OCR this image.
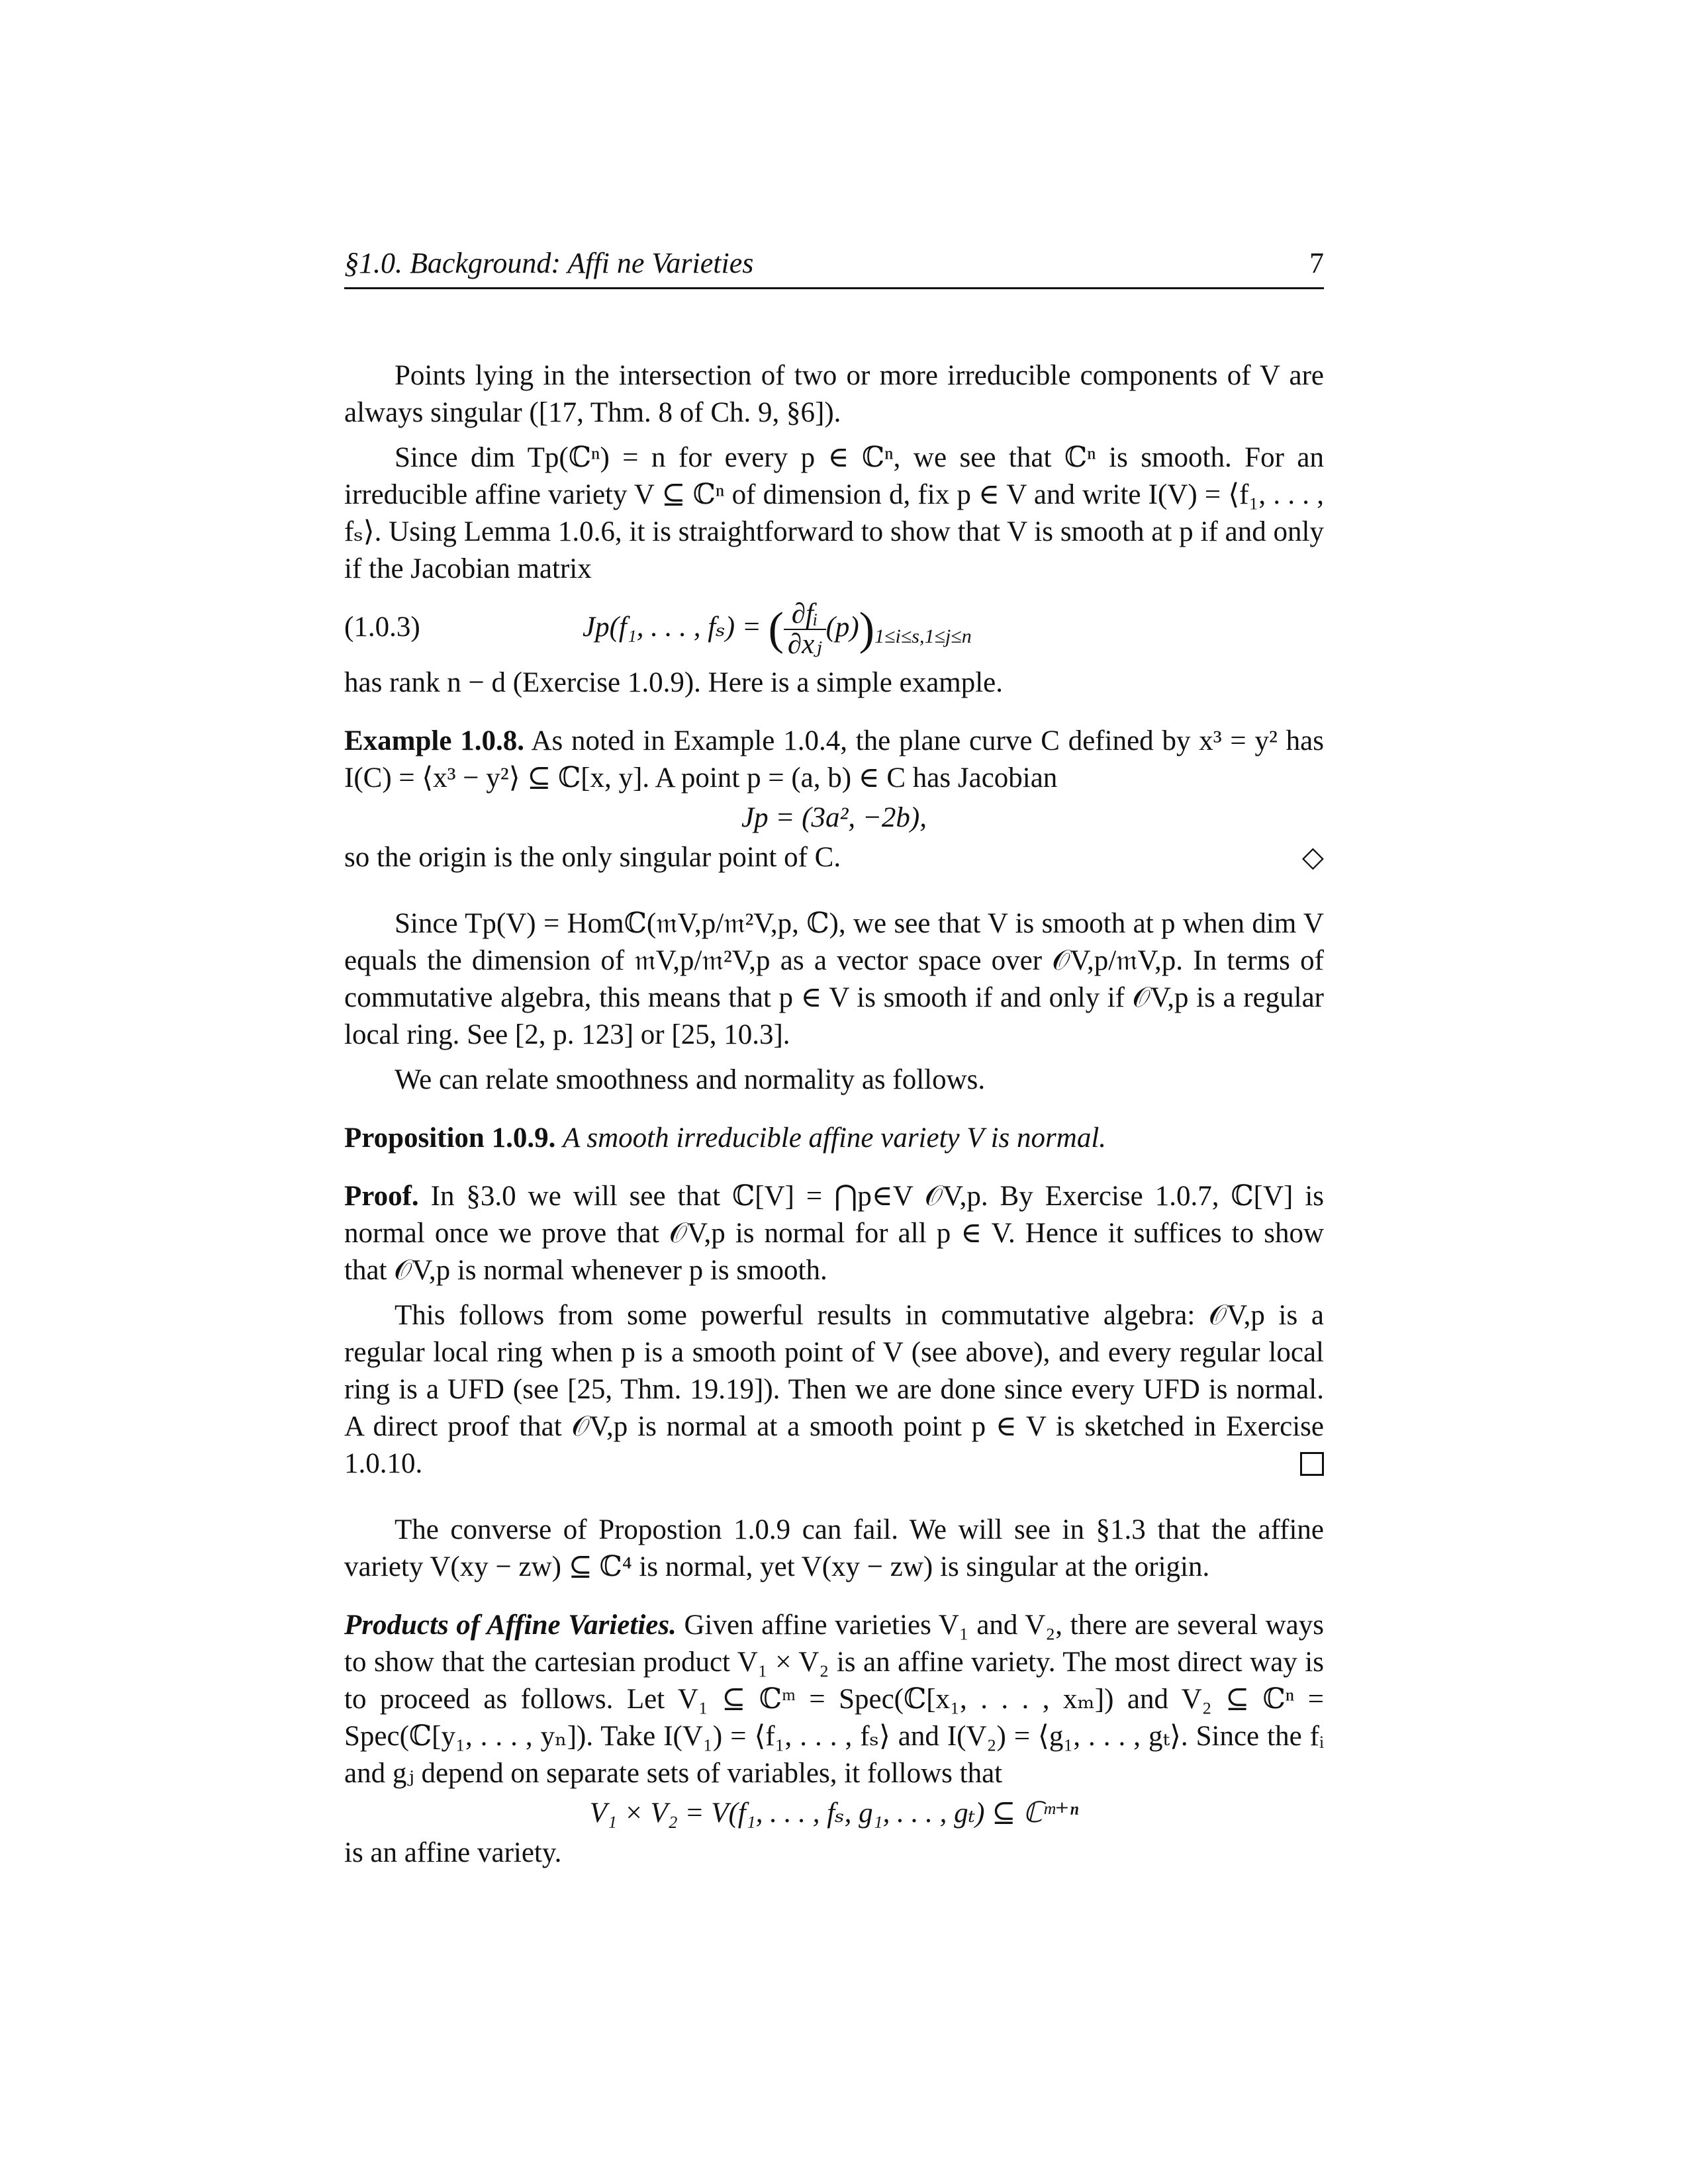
§1.0. Background: Affi ne Varieties	7

Points lying in the intersection of two or more irreducible components of V are always singular ([17, Thm. 8 of Ch. 9, §6]).

Since dim Tp(ℂⁿ) = n for every p ∈ ℂⁿ, we see that ℂⁿ is smooth. For an irreducible affine variety V ⊆ ℂⁿ of dimension d, fix p ∈ V and write I(V) = ⟨f₁, . . . , fₛ⟩. Using Lemma 1.0.6, it is straightforward to show that V is smooth at p if and only if the Jacobian matrix

(1.0.3)	Jp(f₁, . . . , fₛ) = ( $\frac{\text{∂fᵢ}}{\text{∂xⱼ}} (p))_{1\le i\le s,1\le j\le n}$

has rank n − d (Exercise 1.0.9). Here is a simple example.

Example 1.0.8. As noted in Example 1.0.4, the plane curve C defined by x³ = y² has I(C) = ⟨x³ − y²⟩ ⊆ ℂ[x, y]. A point p = (a, b) ∈ C has Jacobian

Jp = (3a², −2b),

so the origin is the only singular point of C.	◇

Since Tp(V) = Homℂ(𝔪V,p/𝔪²V,p, ℂ), we see that V is smooth at p when dim V equals the dimension of 𝔪V,p/𝔪²V,p as a vector space over 𝒪V,p/𝔪V,p. In terms of commutative algebra, this means that p ∈ V is smooth if and only if 𝒪V,p is a regular local ring. See [2, p. 123] or [25, 10.3].

We can relate smoothness and normality as follows.

Proposition 1.0.9. A smooth irreducible affine variety V is normal.

Proof. In §3.0 we will see that ℂ[V] = ⋂p∈V 𝒪V,p. By Exercise 1.0.7, ℂ[V] is normal once we prove that 𝒪V,p is normal for all p ∈ V. Hence it suffices to show that 𝒪V,p is normal whenever p is smooth.

This follows from some powerful results in commutative algebra: 𝒪V,p is a regular local ring when p is a smooth point of V (see above), and every regular local ring is a UFD (see [25, Thm. 19.19]). Then we are done since every UFD is normal. A direct proof that 𝒪V,p is normal at a smooth point p ∈ V is sketched in Exercise 1.0.10.

The converse of Propostion 1.0.9 can fail. We will see in §1.3 that the affine variety V(xy − zw) ⊆ ℂ⁴ is normal, yet V(xy − zw) is singular at the origin.

Products of Affine Varieties. Given affine varieties V₁ and V₂, there are several ways to show that the cartesian product V₁ × V₂ is an affine variety. The most direct way is to proceed as follows. Let V₁ ⊆ ℂᵐ = Spec(ℂ[x₁, . . . , xₘ]) and V₂ ⊆ ℂⁿ = Spec(ℂ[y₁, . . . , yₙ]). Take I(V₁) = ⟨f₁, . . . , fₛ⟩ and I(V₂) = ⟨g₁, . . . , gₜ⟩. Since the fᵢ and gⱼ depend on separate sets of variables, it follows that

V₁ × V₂ = V(f₁, . . . , fₛ, g₁, . . . , gₜ) ⊆ ℂᵐ⁺ⁿ

is an affine variety.
